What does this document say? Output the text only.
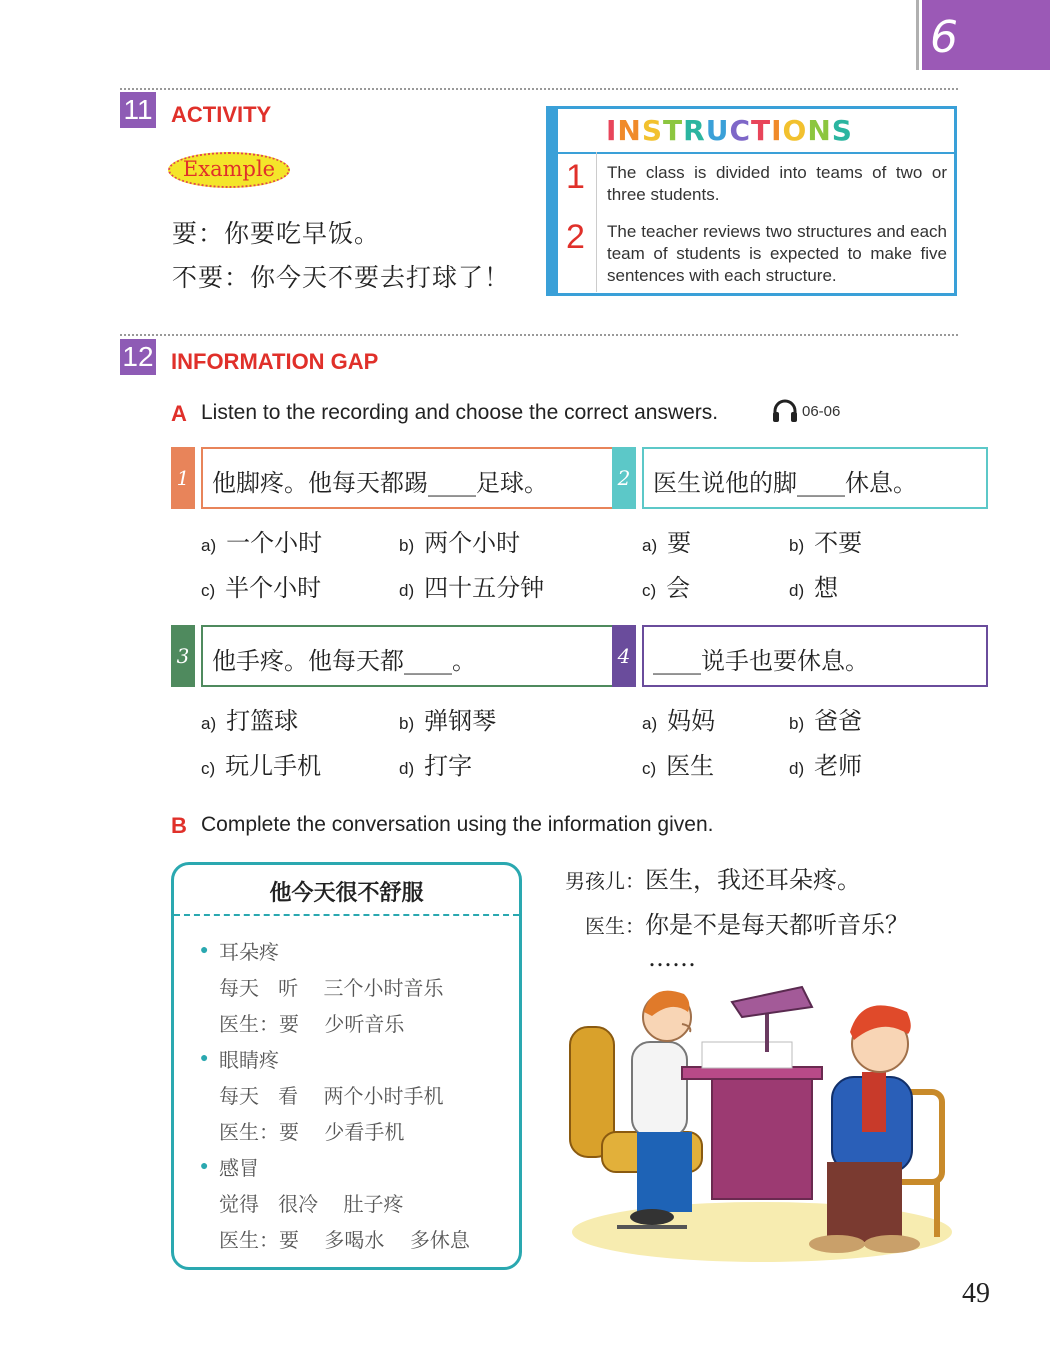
6
11 ACTIVITY
Example
要：你要吃早饭。
不要：你今天不要去打球了！
INSTRUCTIONS
1 The class is divided into teams of two or three students.
2 The teacher reviews two structures and each team of students is expected to make five sentences with each structure.
12 INFORMATION GAP
A Listen to the recording and choose the correct answers.	06-06
1 他脚疼。他每天都踢____足球。
a) 一个小时	b) 两个小时
c) 半个小时	d) 四十五分钟
2 医生说他的脚____休息。
a) 要	b) 不要
c) 会	d) 想
3 他手疼。他每天都____。
a) 打篮球	b) 弹钢琴
c) 玩儿手机	d) 打字
4 ____说手也要休息。
a) 妈妈	b) 爸爸
c) 医生	d) 老师
B Complete the conversation using the information given.
他今天很不舒服
● 耳朵疼
每天   听    三个小时音乐
医生：要    少听音乐
● 眼睛疼
每天   看    两个小时手机
医生：要    少看手机
● 感冒
觉得   很冷    肚子疼
医生：要    多喝水    多休息
男孩儿：医生，我还耳朵疼。
医生：你是不是每天都听音乐？
……
49
